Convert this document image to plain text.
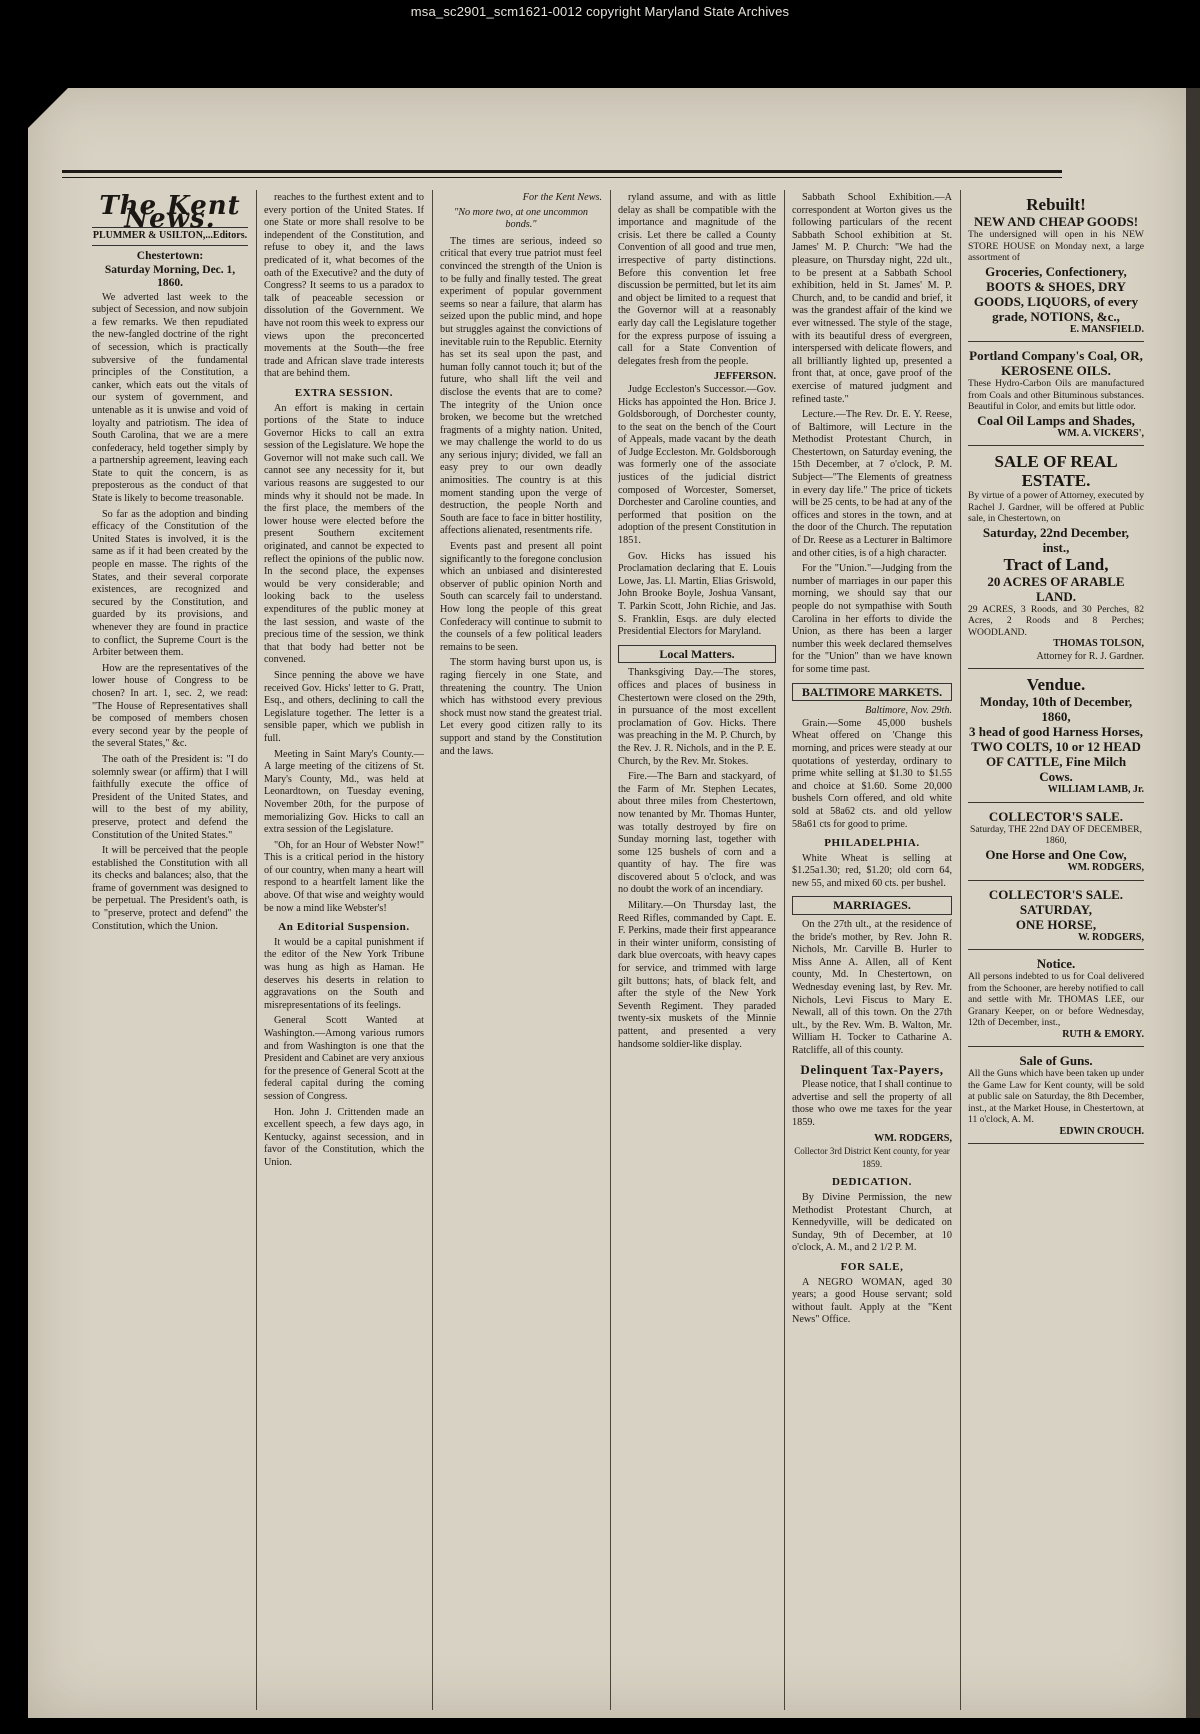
msa_sc2901_scm1621-0012 copyright Maryland State Archives
The Kent News.
PLUMMER & USILTON,...Editors.
Chestertown:
Saturday Morning, Dec. 1, 1860.

We adverted last week to the subject of Secession, and now subjoin a few remarks. We then repudiated the new-fangled doctrine of the right of secession, which is practically subversive of the fundamental principles of the Constitution, a canker, which eats out the vitals of our system of government, and untenable as it is unwise and void of loyalty and patriotism. The idea of South Carolina, that we are a mere confederacy, held together simply by a partnership agreement, leaving each State to quit the concern, is as preposterous as the conduct of that State is likely to become treasonable.

So far as the adoption and binding efficacy of the Constitution of the United States is involved, it is the same as if it had been created by the people en masse. The rights of the States, and their several corporate existences, are recognized and secured by the Constitution, and guarded by its provisions, and whenever they are found in practice to conflict, the Supreme Court is the Arbiter between them.

How are the representatives of the lower house of Congress to be chosen? In art. 1, sec. 2, we read: "The House of Representatives shall be composed of members chosen every second year by the people of the several States," &c.

The oath of the President is: "I do solemnly swear (or affirm) that I will faithfully execute the office of President of the United States, and will to the best of my ability, preserve, protect and defend the Constitution of the United States."

It will be perceived that the people established the Constitution with all its checks and balances; also, that the frame of government was designed to be perpetual. The President's oath, is to "preserve, protect and defend" the Constitution, which the Union.

reaches to the furthest extent and to every portion of the United States. If one State or more shall resolve to be independent of the Constitution, and refuse to obey it, and the laws predicated of it, what becomes of the oath of the Executive? and the duty of Congress? It seems to us a paradox to talk of peaceable secession or dissolution of the Government. We have not room this week to express our views upon the preconcerted movements at the South—the free trade and African slave trade interests that are behind them.

EXTRA SESSION.

An effort is making in certain portions of the State to induce Governor Hicks to call an extra session of the Legislature. We hope the Governor will not make such call. We cannot see any necessity for it, but various reasons are suggested to our minds why it should not be made. In the first place, the members of the lower house were elected before the present Southern excitement originated, and cannot be expected to reflect the opinions of the public now. In the second place, the expenses would be very considerable; and looking back to the useless expenditures of the public money at the last session, and waste of the precious time of the session, we think that that body had better not be convened.

Since penning the above we have received Gov. Hicks' letter to G. Pratt, Esq., and others, declining to call the Legislature together. The letter is a sensible paper, which we publish in full.

Meeting in Saint Mary's County.—A large meeting of the citizens of St. Mary's County, Md., was held at Leonardtown, on Tuesday evening, November 20th, for the purpose of memorializing Gov. Hicks to call an extra session of the Legislature.

"Oh, for an Hour of Webster Now!" This is a critical period in the history of our country, when many a heart will respond to a heartfelt lament like the above. Of that wise and weighty would be now a mind like Webster's!

An Editorial Suspension.

It would be a capital punishment if the editor of the New York Tribune was hung as high as Haman. He deserves his deserts in relation to aggravations on the South and misrepresentations of its feelings.

General Scott Wanted at Washington.—Among various rumors and from Washington is one that the President and Cabinet are very anxious for the presence of General Scott at the federal capital during the coming session of Congress.

Hon. John J. Crittenden made an excellent speech, a few days ago, in Kentucky, against secession, and in favor of the Constitution, which the Union.

For the Kent News.
"No more two, at one uncommon bonds."

The times are serious, indeed so critical that every true patriot must feel convinced the strength of the Union is to be fully and finally tested. The great experiment of popular government seems so near a failure, that alarm has seized upon the public mind, and hope but struggles against the convictions of inevitable ruin to the Republic. Eternity has set its seal upon the past, and human folly cannot touch it; but of the future, who shall lift the veil and disclose the events that are to come? The integrity of the Union once broken, we become but the wretched fragments of a mighty nation. United, we may challenge the world to do us any serious injury; divided, we fall an easy prey to our own deadly animosities. The country is at this moment standing upon the verge of destruction, the people North and South are face to face in bitter hostility, affections alienated, resentments rife.

Events past and present all point significantly to the foregone conclusion which an unbiased and disinterested observer of public opinion North and South can scarcely fail to understand. How long the people of this great Confederacy will continue to submit to the counsels of a few political leaders remains to be seen.

The storm having burst upon us, is raging fiercely in one State, and threatening the country. The Union which has withstood every previous shock must now stand the greatest trial. Let every good citizen rally to its support and stand by the Constitution and the laws.

ryland assume, and with as little delay as shall be compatible with the importance and magnitude of the crisis. Let there be called a County Convention of all good and true men, irrespective of party distinctions. Before this convention let free discussion be permitted, but let its aim and object be limited to a request that the Governor will at a reasonably early day call the Legislature together for the express purpose of issuing a call for a State Convention of delegates fresh from the people.

JEFFERSON.

Judge Eccleston's Successor.—Gov. Hicks has appointed the Hon. Brice J. Goldsborough, of Dorchester county, to the seat on the bench of the Court of Appeals, made vacant by the death of Judge Eccleston. Mr. Goldsborough was formerly one of the associate justices of the judicial district composed of Worcester, Somerset, Dorchester and Caroline counties, and performed that position on the adoption of the present Constitution in 1851.

Gov. Hicks has issued his Proclamation declaring that E. Louis Lowe, Jas. Ll. Martin, Elias Griswold, John Brooke Boyle, Joshua Vansant, T. Parkin Scott, John Richie, and Jas. S. Franklin, Esqs. are duly elected Presidential Electors for Maryland.

Local Matters.

Thanksgiving Day.—The stores, offices and places of business in Chestertown were closed on the 29th, in pursuance of the most excellent proclamation of Gov. Hicks. There was preaching in the M. P. Church, by the Rev. J. R. Nichols, and in the P. E. Church, by the Rev. Mr. Stokes.

Fire.—The Barn and stackyard, of the Farm of Mr. Stephen Lecates, about three miles from Chestertown, now tenanted by Mr. Thomas Hunter, was totally destroyed by fire on Sunday morning last, together with some 125 bushels of corn and a quantity of hay. The fire was discovered about 5 o'clock, and was no doubt the work of an incendiary.

Military.—On Thursday last, the Reed Rifles, commanded by Capt. E. F. Perkins, made their first appearance in their winter uniform, consisting of dark blue overcoats, with heavy capes for service, and trimmed with large gilt buttons; hats, of black felt, and after the style of the New York Seventh Regiment. They paraded twenty-six muskets of the Minnie pattent, and presented a very handsome soldier-like display.

Sabbath School Exhibition.—A correspondent at Worton gives us the following particulars of the recent Sabbath School exhibition at St. James' M. P. Church: "We had the pleasure, on Thursday night, 22d ult., to be present at a Sabbath School exhibition, held in St. James' M. P. Church, and, to be candid and brief, it was the grandest affair of the kind we ever witnessed. The style of the stage, with its beautiful dress of evergreen, interspersed with delicate flowers, and all brilliantly lighted up, presented a front that, at once, gave proof of the exercise of matured judgment and refined taste."

Lecture.—The Rev. Dr. E. Y. Reese, of Baltimore, will Lecture in the Methodist Protestant Church, in Chestertown, on Saturday evening, the 15th December, at 7 o'clock, P. M. Subject—"The Elements of greatness in every day life." The price of tickets will be 25 cents, to be had at any of the offices and stores in the town, and at the door of the Church. The reputation of Dr. Reese as a Lecturer in Baltimore and other cities, is of a high character.

For the "Union."—Judging from the number of marriages in our paper this morning, we should say that our people do not sympathise with South Carolina in her efforts to divide the Union, as there has been a larger number this week declared themselves for the "Union" than we have known for some time past.

BALTIMORE MARKETS.
Baltimore, Nov. 29th.

Grain.—Some 45,000 bushels Wheat offered on 'Change this morning, and prices were steady at our quotations of yesterday, ordinary to prime white selling at $1.30 to $1.55 and choice at $1.60. Some 20,000 bushels Corn offered, and old white sold at 58a62 cts. and old yellow 58a61 cts for good to prime.

PHILADELPHIA.

White Wheat is selling at $1.25a1.30; red, $1.20; old corn 64, new 55, and mixed 60 cts. per bushel.

MARRIAGES.

On the 27th ult., at the residence of the bride's mother, by Rev. John R. Nichols, Mr. Carville B. Hurler to Miss Anne A. Allen, all of Kent county, Md. In Chestertown, on Wednesday evening last, by Rev. Mr. Nichols, Levi Fiscus to Mary E. Newall, all of this town. On the 27th ult., by the Rev. Wm. B. Walton, Mr. William H. Tocker to Catharine A. Ratcliffe, all of this county.

Delinquent Tax-Payers,

Please notice, that I shall continue to advertise and sell the property of all those who owe me taxes for the year 1859.

WM. RODGERS,
Collector 3rd District Kent county, for year 1859.
DEDICATION.

By Divine Permission, the new Methodist Protestant Church, at Kennedyville, will be dedicated on Sunday, 9th of December, at 10 o'clock, A. M., and 2 1/2 P. M.

FOR SALE,

A NEGRO WOMAN, aged 30 years; a good House servant; sold without fault. Apply at the "Kent News" Office.

Rebuilt!
NEW AND CHEAP GOODS!
The undersigned will open in his NEW STORE HOUSE on Monday next, a large assortment of
Groceries, Confectionery, BOOTS & SHOES, DRY GOODS, LIQUORS, of every grade, NOTIONS, &c.,
E. MANSFIELD.
Portland Company's Coal, OR, KEROSENE OILS.
These Hydro-Carbon Oils are manufactured from Coals and other Bituminous substances. Beautiful in Color, and emits but little odor.
Coal Oil Lamps and Shades,
WM. A. VICKERS',
SALE OF REAL ESTATE.
By virtue of a power of Attorney, executed by Rachel J. Gardner, will be offered at Public sale, in Chestertown, on
Saturday, 22nd December, inst.,
Tract of Land,
20 ACRES OF ARABLE LAND.
29 ACRES, 3 Roods, and 30 Perches, 82 Acres, 2 Roods and 8 Perches; WOODLAND.
THOMAS TOLSON,
Attorney for R. J. Gardner.
Vendue.
Monday, 10th of December, 1860,
3 head of good Harness Horses, TWO COLTS, 10 or 12 HEAD OF CATTLE, Fine Milch Cows.
WILLIAM LAMB, Jr.
COLLECTOR'S SALE.
Saturday, THE 22nd DAY OF DECEMBER, 1860,
One Horse and One Cow,
WM. RODGERS,
COLLECTOR'S SALE.
SATURDAY,
ONE HORSE,
W. RODGERS,
Notice.
All persons indebted to us for Coal delivered from the Schooner, are hereby notified to call and settle with Mr. THOMAS LEE, our Granary Keeper, on or before Wednesday, 12th of December, inst.,
RUTH & EMORY.
Sale of Guns.
All the Guns which have been taken up under the Game Law for Kent county, will be sold at public sale on Saturday, the 8th December, inst., at the Market House, in Chestertown, at 11 o'clock, A. M.
EDWIN CROUCH.
